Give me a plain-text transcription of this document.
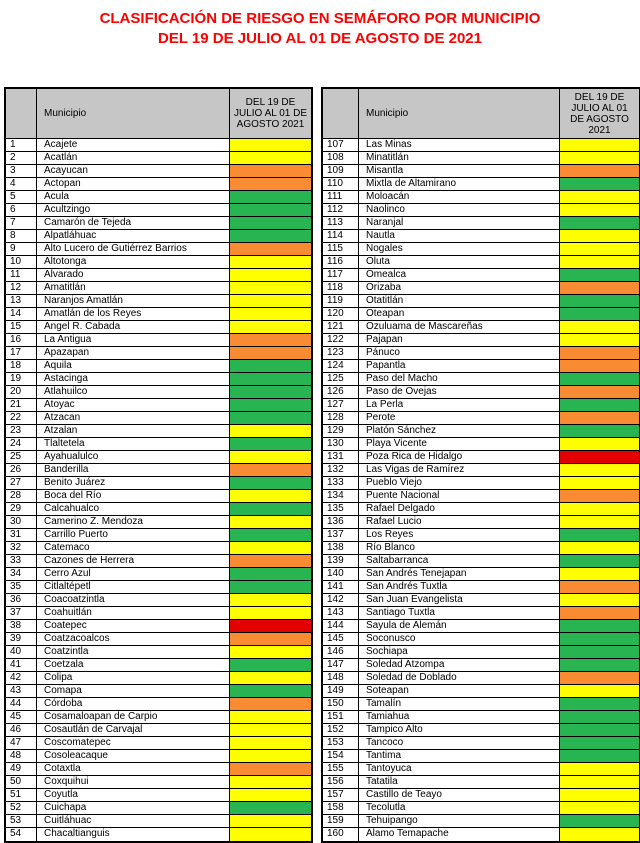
CLASIFICACIÓN DE RIESGO EN SEMÁFORO POR MUNICIPIO
DEL 19 DE JULIO AL 01 DE AGOSTO DE 2021
Municipio
DEL 19 DE JULIO AL 01 DE AGOSTO 2021
1	Acajete
2	Acatlán
3	Acayucan
4	Actopan
5	Acula
6	Acultzingo
7	Camarón de Tejeda
8	Alpatláhuac
9	Alto Lucero de Gutiérrez Barrios
10	Altotonga
11	Alvarado
12	Amatitlán
13	Naranjos Amatlán
14	Amatlán de los Reyes
15	Angel R. Cabada
16	La Antigua
17	Apazapan
18	Aquila
19	Astacinga
20	Atlahuilco
21	Atoyac
22	Atzacan
23	Atzalan
24	Tlaltetela
25	Ayahualulco
26	Banderilla
27	Benito Juárez
28	Boca del Río
29	Calcahualco
30	Camerino Z. Mendoza
31	Carrillo Puerto
32	Catemaco
33	Cazones de Herrera
34	Cerro Azul
35	Citlaltépetl
36	Coacoatzintla
37	Coahuitlán
38	Coatepec
39	Coatzacoalcos
40	Coatzintla
41	Coetzala
42	Colipa
43	Comapa
44	Córdoba
45	Cosamaloapan de Carpio
46	Cosautlán de Carvajal
47	Coscomatepec
48	Cosoleacaque
49	Cotaxtla
50	Coxquihui
51	Coyutla
52	Cuichapa
53	Cuitláhuac
54	Chacaltianguis
Municipio
DEL 19 DE JULIO AL 01 DE AGOSTO 2021
107	Las Minas
108	Minatitlán
109	Misantla
110	Mixtla de Altamirano
111	Moloacán
112	Naolinco
113	Naranjal
114	Nautla
115	Nogales
116	Oluta
117	Omealca
118	Orizaba
119	Otatitlán
120	Oteapan
121	Ozuluama de Mascareñas
122	Pajapan
123	Pánuco
124	Papantla
125	Paso del Macho
126	Paso de Ovejas
127	La Perla
128	Perote
129	Platón Sánchez
130	Playa Vicente
131	Poza Rica de Hidalgo
132	Las Vigas de Ramírez
133	Pueblo Viejo
134	Puente Nacional
135	Rafael Delgado
136	Rafael Lucio
137	Los Reyes
138	Río Blanco
139	Saltabarranca
140	San Andrés Tenejapan
141	San Andrés Tuxtla
142	San Juan Evangelista
143	Santiago Tuxtla
144	Sayula de Alemán
145	Soconusco
146	Sochiapa
147	Soledad Atzompa
148	Soledad de Doblado
149	Soteapan
150	Tamalín
151	Tamiahua
152	Tampico Alto
153	Tancoco
154	Tantima
155	Tantoyuca
156	Tatatila
157	Castillo de Teayo
158	Tecolutla
159	Tehuipango
160	Álamo Temapache
